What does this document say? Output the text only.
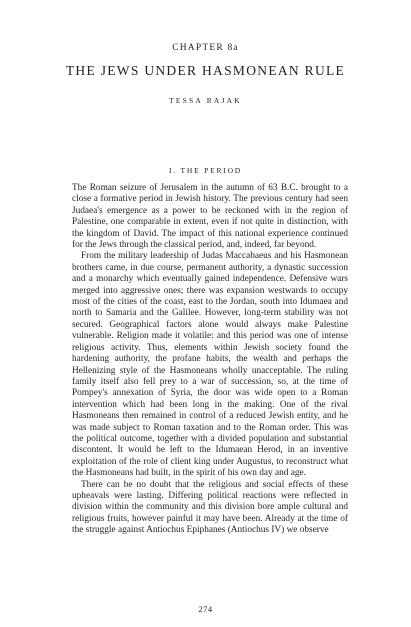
CHAPTER 8a
THE JEWS UNDER HASMONEAN RULE
TESSA RAJAK
I. THE PERIOD

The Roman seizure of Jerusalem in the autumn of 63 B.C. brought to a close a formative period in Jewish history. The previous century had seen Judaea's emergence as a power to be reckoned with in the region of Palestine, one comparable in extent, even if not quite in distinction, with the kingdom of David. The impact of this national experience continued for the Jews through the classical period, and, indeed, far beyond.

From the military leadership of Judas Maccabaeus and his Hasmonean brothers came, in due course, permanent authority, a dynastic succession and a monarchy which eventually gained independence. Defensive wars merged into aggressive ones; there was expansion westwards to occupy most of the cities of the coast, east to the Jordan, south into Idumaea and north to Samaria and the Galilee. However, long-term stability was not secured. Geographical factors alone would always make Palestine vulnerable. Religion made it volatile: and this period was one of intense religious activity. Thus, elements within Jewish society found the hardening authority, the profane habits, the wealth and perhaps the Hellenizing style of the Hasmoneans wholly unacceptable. The ruling family itself also fell prey to a war of succession, so, at the time of Pompey's annexation of Syria, the door was wide open to a Roman intervention which had been long in the making. One of the rival Hasmoneans then remained in control of a reduced Jewish entity, and he was made subject to Roman taxation and to the Roman order. This was the political outcome, together with a divided population and substantial discontent. It would be left to the Idumaean Herod, in an inventive exploitation of the role of client king under Augustus, to reconstruct what the Hasmoneans had built, in the spirit of his own day and age.

There can be no doubt that the religious and social effects of these upheavals were lasting. Differing political reactions were reflected in division within the community and this division bore ample cultural and religious fruits, however painful it may have been. Already at the time of the struggle against Antiochus Epiphanes (Antiochus IV) we observe

274
